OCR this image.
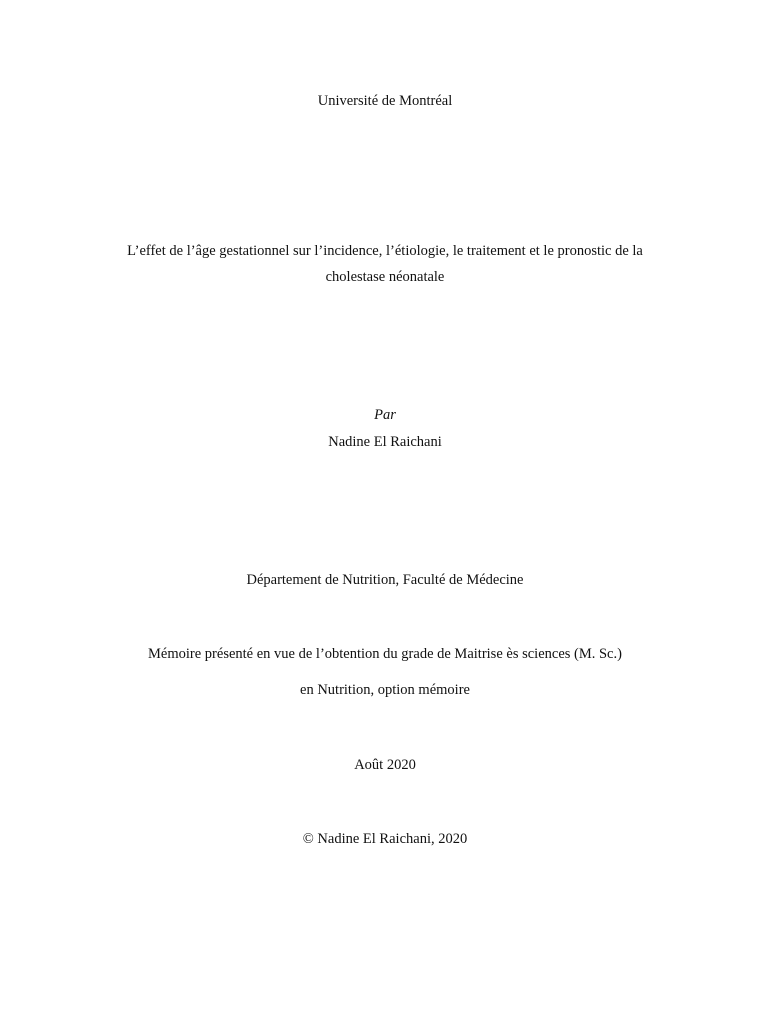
Université de Montréal
L’effet de l’âge gestationnel sur l’incidence, l’étiologie, le traitement et le pronostic de la
cholestase néonatale
Par
Nadine El Raichani
Département de Nutrition, Faculté de Médecine
Mémoire présenté en vue de l’obtention du grade de Maitrise ès sciences (M. Sc.)
en Nutrition, option mémoire
Août 2020
© Nadine El Raichani, 2020
